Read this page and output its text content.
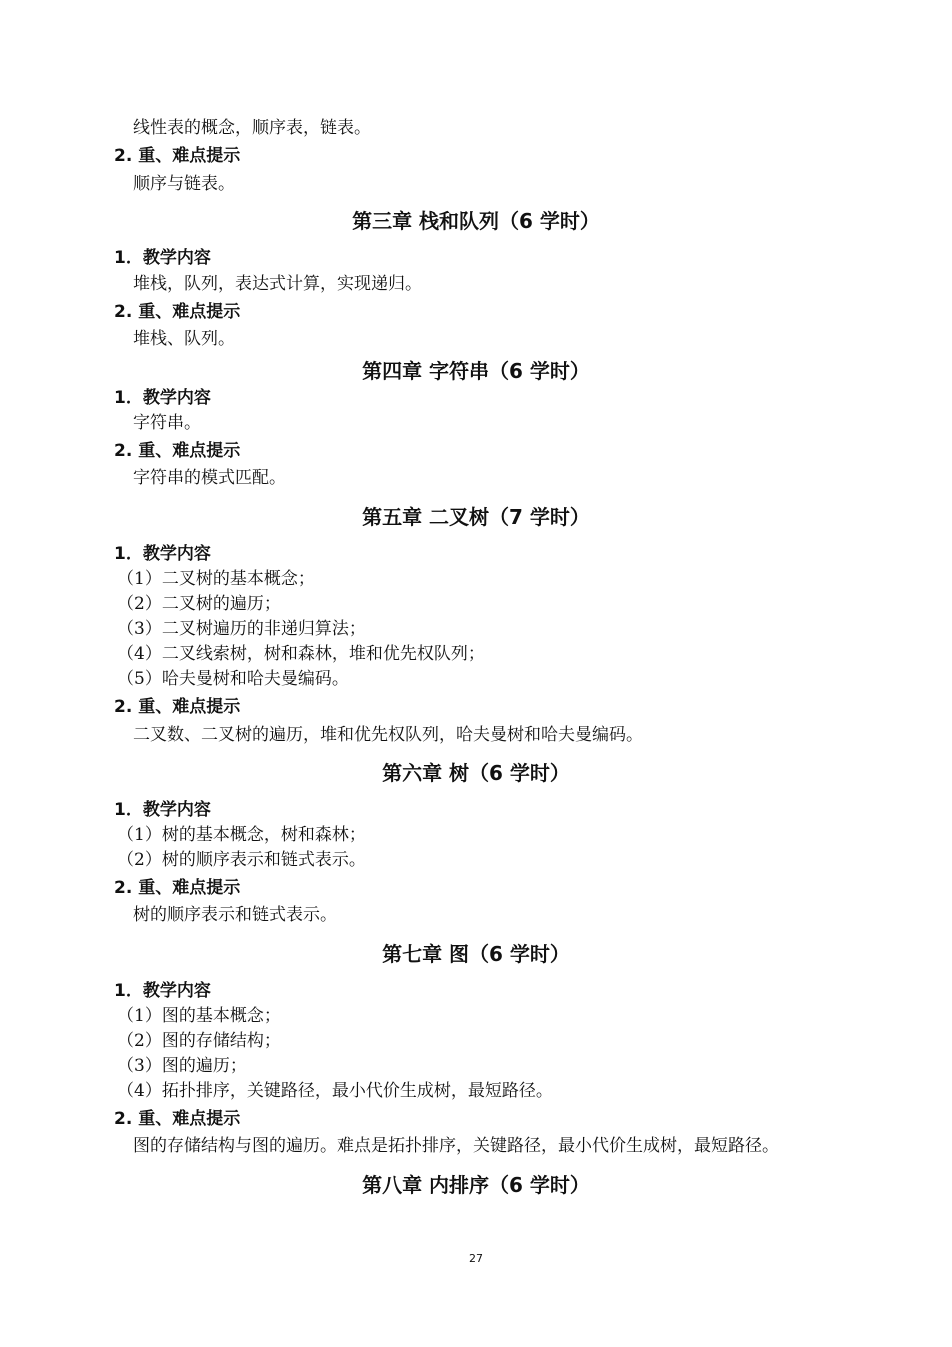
线性表的概念，顺序表，链表。
2. 重、难点提示
顺序与链表。
第三章 栈和队列（6 学时）
1．教学内容
堆栈，队列，表达式计算，实现递归。
2. 重、难点提示
堆栈、队列。
第四章 字符串（6 学时）
1．教学内容
字符串。
2. 重、难点提示
字符串的模式匹配。
第五章 二叉树（7 学时）
1．教学内容
（1）二叉树的基本概念；
（2）二叉树的遍历；
（3）二叉树遍历的非递归算法；
（4）二叉线索树，树和森林，堆和优先权队列；
（5）哈夫曼树和哈夫曼编码。
2. 重、难点提示
二叉数、二叉树的遍历，堆和优先权队列，哈夫曼树和哈夫曼编码。
第六章 树（6 学时）
1．教学内容
（1）树的基本概念，树和森林；
（2）树的顺序表示和链式表示。
2. 重、难点提示
树的顺序表示和链式表示。
第七章 图（6 学时）
1．教学内容
（1）图的基本概念；
（2）图的存储结构；
（3）图的遍历；
（4）拓扑排序，关键路径，最小代价生成树，最短路径。
2. 重、难点提示
图的存储结构与图的遍历。难点是拓扑排序，关键路径，最小代价生成树，最短路径。
第八章 内排序（6 学时）
27
